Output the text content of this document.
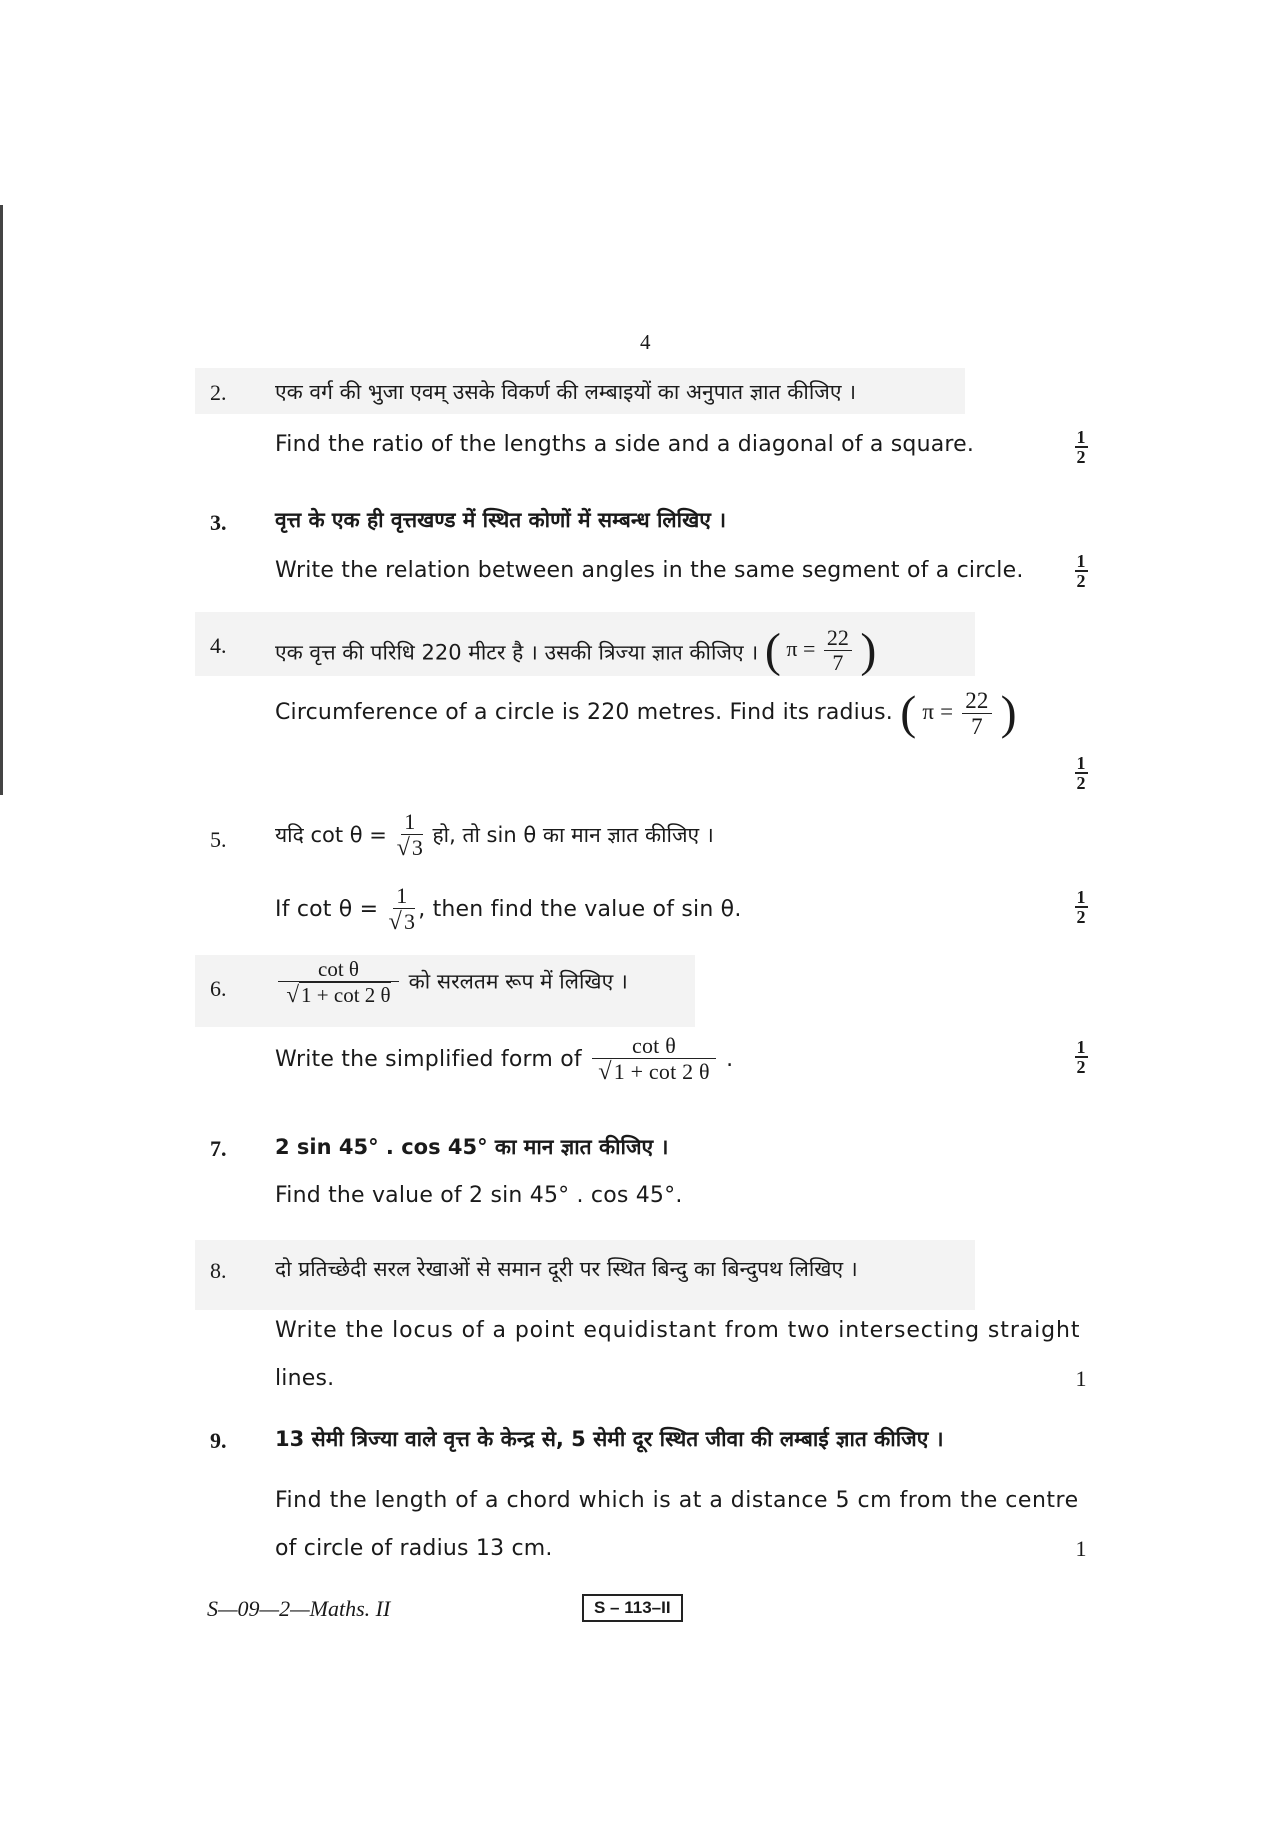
4
2. एक वर्ग की भुजा एवम् उसके विकर्ण की लम्बाइयों का अनुपात ज्ञात कीजिए ।
Find the ratio of the lengths a side and a diagonal of a square.	$\frac{1}{2}$
3. वृत्त के एक ही वृत्तखण्ड में स्थित कोणों में सम्बन्ध लिखिए ।
Write the relation between angles in the same segment of a circle.	$\frac{1}{2}$
4. एक वृत्त की परिधि 220 मीटर है । उसकी त्रिज्या ज्ञात कीजिए । ( $\pi = \frac{22}{7}$ )
Circumference of a circle is 220 metres. Find its radius. ( $\pi = \frac{22}{7}$ )
$\frac{1}{2}$
5. यदि $\cot \theta = \frac{1}{√3}$ हो, तो sin θ का मान ज्ञात कीजिए ।
If $\cot \theta = \frac{1}{√3}$ , then find the value of sin θ.	$\frac{1}{2}$
6. $\frac{\text{cot θ}}{√1 + \cot 2 \theta}$ को सरलतम रूप में लिखिए ।
Write the simplified form of $\frac{\text{cot θ}}{√1 + \cot 2 \theta}$ .	$\frac{1}{2}$
7. 2 sin 45° . cos 45° का मान ज्ञात कीजिए ।
Find the value of 2 sin 45° . cos 45°.
8. दो प्रतिच्छेदी सरल रेखाओं से समान दूरी पर स्थित बिन्दु का बिन्दुपथ लिखिए ।
Write the locus of a point equidistant from two intersecting straight
lines.	1
9. 13 सेमी त्रिज्या वाले वृत्त के केन्द्र से, 5 सेमी दूर स्थित जीवा की लम्बाई ज्ञात कीजिए ।
Find the length of a chord which is at a distance 5 cm from the centre
of circle of radius 13 cm.	1
S—09—2—Maths. II	S – 113–II
